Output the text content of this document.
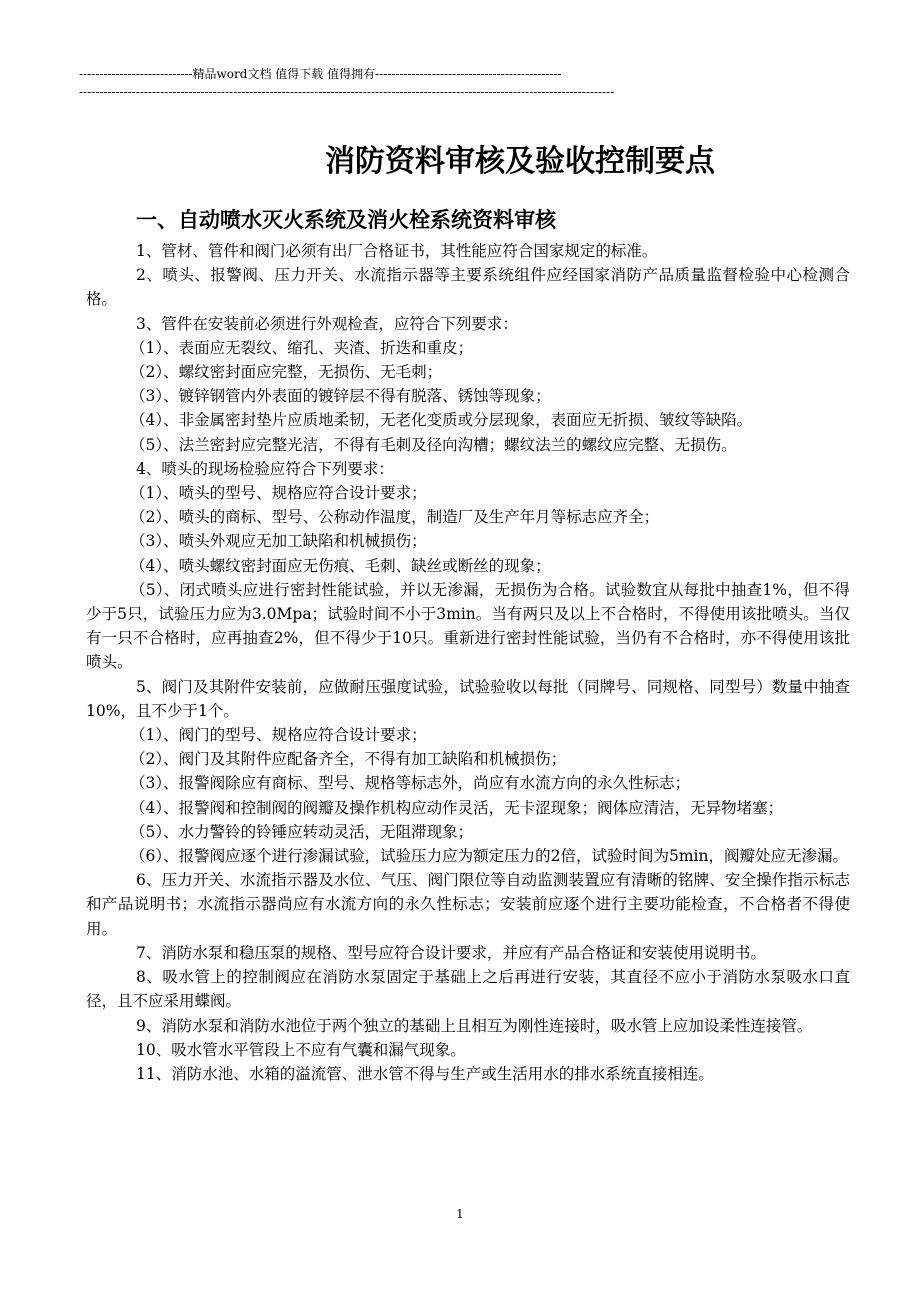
----------------------------精品word文档 值得下载 值得拥有----------------------------------------------
------------------------------------------------------------------------------------------------------------------------------------
消防资料审核及验收控制要点
一、自动喷水灭火系统及消火栓系统资料审核

1、管材、管件和阀门必须有出厂合格证书，其性能应符合国家规定的标准。

2、喷头、报警阀、压力开关、水流指示器等主要系统组件应经国家消防产品质量监督检验中心检测合格。

3、管件在安装前必须进行外观检查，应符合下列要求：

（1）、表面应无裂纹、缩孔、夹渣、折迭和重皮；

（2）、螺纹密封面应完整，无损伤、无毛刺；

（3）、镀锌钢管内外表面的镀锌层不得有脱落、锈蚀等现象；

（4）、非金属密封垫片应质地柔韧，无老化变质或分层现象，表面应无折损、皱纹等缺陷。

（5）、法兰密封应完整光洁，不得有毛刺及径向沟槽；螺纹法兰的螺纹应完整、无损伤。

4、喷头的现场检验应符合下列要求：

（1）、喷头的型号、规格应符合设计要求；

（2）、喷头的商标、型号、公称动作温度，制造厂及生产年月等标志应齐全；

（3）、喷头外观应无加工缺陷和机械损伤；

（4）、喷头螺纹密封面应无伤痕、毛刺、缺丝或断丝的现象；

（5）、闭式喷头应进行密封性能试验，并以无渗漏，无损伤为合格。试验数宜从每批中抽查1%，但不得少于5只，试验压力应为3.0Mpa；试验时间不小于3min。当有两只及以上不合格时，不得使用该批喷头。当仅有一只不合格时，应再抽查2%，但不得少于10只。重新进行密封性能试验，当仍有不合格时，亦不得使用该批喷头。

5、阀门及其附件安装前，应做耐压强度试验，试验验收以每批（同牌号、同规格、同型号）数量中抽查10%，且不少于1个。

（1）、阀门的型号、规格应符合设计要求；

（2）、阀门及其附件应配备齐全，不得有加工缺陷和机械损伤；

（3）、报警阀除应有商标、型号、规格等标志外，尚应有水流方向的永久性标志；

（4）、报警阀和控制阀的阀瓣及操作机构应动作灵活，无卡涩现象；阀体应清洁，无异物堵塞；

（5）、水力警铃的铃锤应转动灵活，无阻滞现象；

（6）、报警阀应逐个进行渗漏试验，试验压力应为额定压力的2倍，试验时间为5min，阀瓣处应无渗漏。

6、压力开关、水流指示器及水位、气压、阀门限位等自动监测装置应有清晰的铭牌、安全操作指示标志和产品说明书；水流指示器尚应有水流方向的永久性标志；安装前应逐个进行主要功能检查，不合格者不得使用。

7、消防水泵和稳压泵的规格、型号应符合设计要求，并应有产品合格证和安装使用说明书。

8、吸水管上的控制阀应在消防水泵固定于基础上之后再进行安装，其直径不应小于消防水泵吸水口直径，且不应采用蝶阀。

9、消防水泵和消防水池位于两个独立的基础上且相互为刚性连接时，吸水管上应加设柔性连接管。

10、吸水管水平管段上不应有气囊和漏气现象。

11、消防水池、水箱的溢流管、泄水管不得与生产或生活用水的排水系统直接相连。

1
